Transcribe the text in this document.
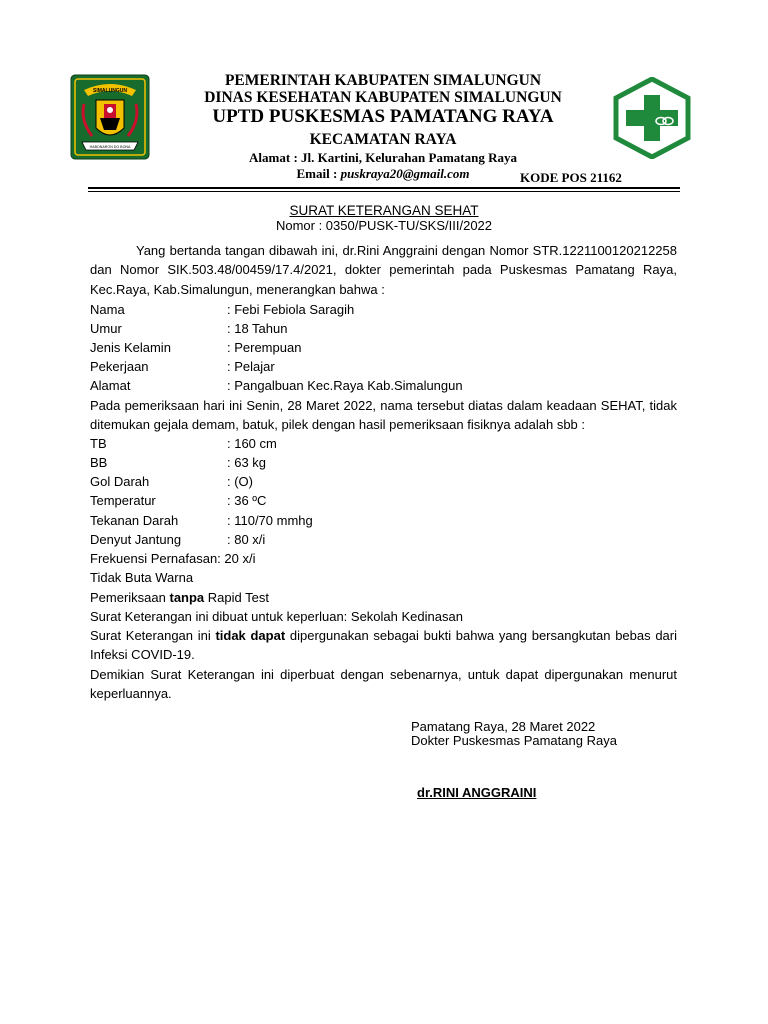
SIMALUNGUN
HABONARON DO BONA
PEMERINTAH KABUPATEN SIMALUNGUN
DINAS KESEHATAN KABUPATEN SIMALUNGUN
UPTD PUSKESMAS PAMATANG RAYA
KECAMATAN RAYA
Alamat : Jl. Kartini, Kelurahan Pamatang Raya
Email : puskraya20@gmail.com	KODE POS 21162
SURAT KETERANGAN SEHAT
Nomor : 0350/PUSK-TU/SKS/III/2022
Yang bertanda tangan dibawah ini, dr.Rini Anggraini dengan Nomor STR.1221100120212258 dan Nomor SIK.503.48/00459/17.4/2021, dokter pemerintah pada Puskesmas Pamatang Raya, Kec.Raya, Kab.Simalungun, menerangkan bahwa :
Nama	: Febi Febiola Saragih
Umur	: 18 Tahun
Jenis Kelamin	: Perempuan
Pekerjaan	: Pelajar
Alamat	: Pangalbuan Kec.Raya Kab.Simalungun
Pada pemeriksaan hari ini Senin, 28 Maret 2022, nama tersebut diatas dalam keadaan SEHAT, tidak ditemukan gejala demam, batuk, pilek dengan hasil pemeriksaan fisiknya adalah sbb :
TB	: 160 cm
BB	: 63 kg
Gol Darah	: (O)
Temperatur	: 36 ºC
Tekanan Darah	: 110/70 mmhg
Denyut Jantung	: 80 x/i
Frekuensi Pernafasan: 20 x/i
Tidak Buta Warna
Pemeriksaan tanpa Rapid Test
Surat Keterangan ini dibuat untuk keperluan: Sekolah Kedinasan
Surat Keterangan ini tidak dapat dipergunakan sebagai bukti bahwa yang bersangkutan bebas dari Infeksi COVID-19.
Demikian Surat Keterangan ini diperbuat dengan sebenarnya, untuk dapat dipergunakan menurut keperluannya.
Pamatang Raya, 28 Maret 2022
Dokter Puskesmas Pamatang Raya
dr.RINI ANGGRAINI
